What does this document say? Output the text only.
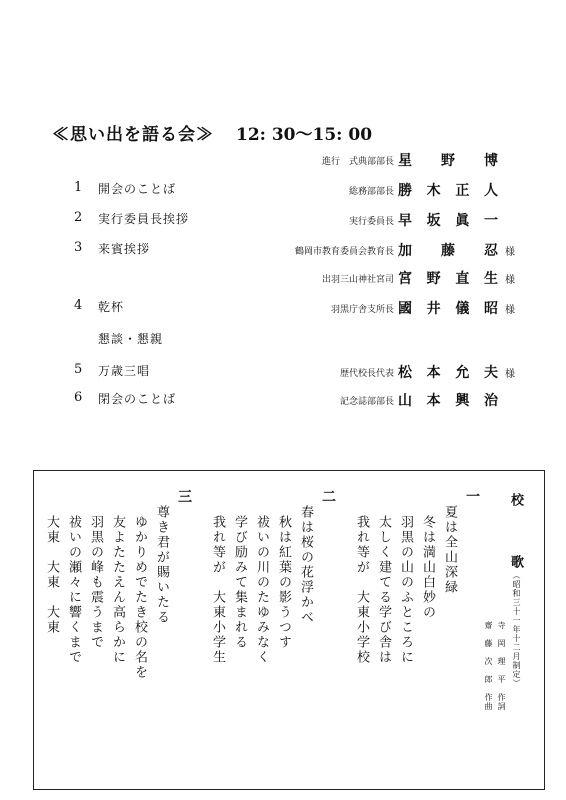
≪思い出を語る会≫ 12: 30〜15: 00
進行　式典部部長 星 野 博
1 開会のことば	総務部部長 勝 木 正 人
2 実行委員長挨拶	実行委員長 早 坂 眞 一
3 来賓挨拶	鶴岡市教育委員会教育長 加 藤 忍 様
出羽三山神社宮司 宮 野 直 生 様
4 乾杯	羽黒庁舎支所長 國 井 儀 昭 様
懇談・懇親
5 万歳三唱	歴代校長代表 松 本 允 夫 様
6 閉会のことば	記念誌部部長 山 本 興 治
校　歌
（昭和三十一年十二月制定）
寺　岡　理　平　作詞
齋　藤　次　郎　作曲
一
夏は全山深緑
冬は満山白妙の
羽黒の山のふところに
太しく建てる学び舎は
我れ等が　大東小学校
二
春は桜の花浮かべ
秋は紅葉の影うつす
祓いの川のたゆみなく
学び励みて集まれる
我れ等が　大東小学生
三
尊き君が賜いたる
ゆかりめでたき校の名を
友よたたえん高らかに
羽黒の峰も震うまで
祓いの瀬々に響くまで
大東　大東　大東
